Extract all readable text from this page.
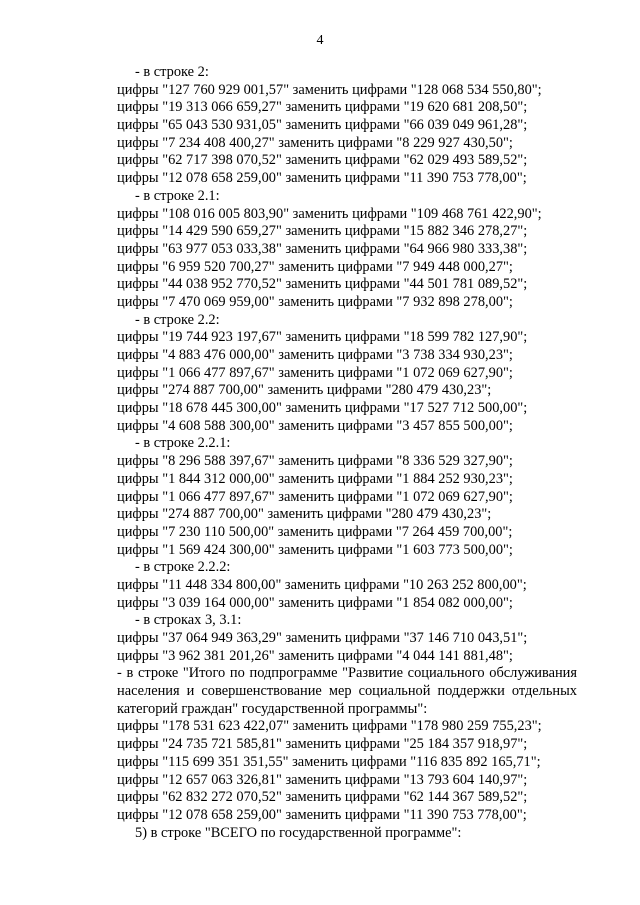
4

- в строке 2:

цифры "127 760 929 001,57" заменить цифрами "128 068 534 550,80";

цифры "19 313 066 659,27" заменить цифрами "19 620 681 208,50";

цифры "65 043 530 931,05" заменить цифрами "66 039 049 961,28";

цифры "7 234 408 400,27" заменить цифрами "8 229 927 430,50";

цифры "62 717 398 070,52" заменить цифрами "62 029 493 589,52";

цифры "12 078 658 259,00" заменить цифрами "11 390 753 778,00";

- в строке 2.1:

цифры "108 016 005 803,90" заменить цифрами "109 468 761 422,90";

цифры "14 429 590 659,27" заменить цифрами "15 882 346 278,27";

цифры "63 977 053 033,38" заменить цифрами "64 966 980 333,38";

цифры "6 959 520 700,27" заменить цифрами "7 949 448 000,27";

цифры "44 038 952 770,52" заменить цифрами "44 501 781 089,52";

цифры "7 470 069 959,00" заменить цифрами "7 932 898 278,00";

- в строке 2.2:

цифры "19 744 923 197,67" заменить цифрами "18 599 782 127,90";

цифры "4 883 476 000,00" заменить цифрами "3 738 334 930,23";

цифры "1 066 477 897,67" заменить цифрами "1 072 069 627,90";

цифры "274 887 700,00" заменить цифрами "280 479 430,23";

цифры "18 678 445 300,00" заменить цифрами "17 527 712 500,00";

цифры "4 608 588 300,00" заменить цифрами "3 457 855 500,00";

- в строке 2.2.1:

цифры "8 296 588 397,67" заменить цифрами "8 336 529 327,90";

цифры "1 844 312 000,00" заменить цифрами "1 884 252 930,23";

цифры "1 066 477 897,67" заменить цифрами "1 072 069 627,90";

цифры "274 887 700,00" заменить цифрами "280 479 430,23";

цифры "7 230 110 500,00" заменить цифрами "7 264 459 700,00";

цифры "1 569 424 300,00" заменить цифрами "1 603 773 500,00";

- в строке 2.2.2:

цифры "11 448 334 800,00" заменить цифрами "10 263 252 800,00";

цифры "3 039 164 000,00" заменить цифрами "1 854 082 000,00";

- в строках 3, 3.1:

цифры "37 064 949 363,29" заменить цифрами "37 146 710 043,51";

цифры "3 962 381 201,26" заменить цифрами "4 044 141 881,48";

- в строке "Итого по подпрограмме "Развитие социального обслуживания населения и совершенствование мер социальной поддержки отдельных категорий граждан" государственной программы":

цифры "178 531 623 422,07" заменить цифрами "178 980 259 755,23";

цифры "24 735 721 585,81" заменить цифрами "25 184 357 918,97";

цифры "115 699 351 351,55" заменить цифрами "116 835 892 165,71";

цифры "12 657 063 326,81" заменить цифрами "13 793 604 140,97";

цифры "62 832 272 070,52" заменить цифрами "62 144 367 589,52";

цифры "12 078 658 259,00" заменить цифрами "11 390 753 778,00";

5) в строке "ВСЕГО по государственной программе":
